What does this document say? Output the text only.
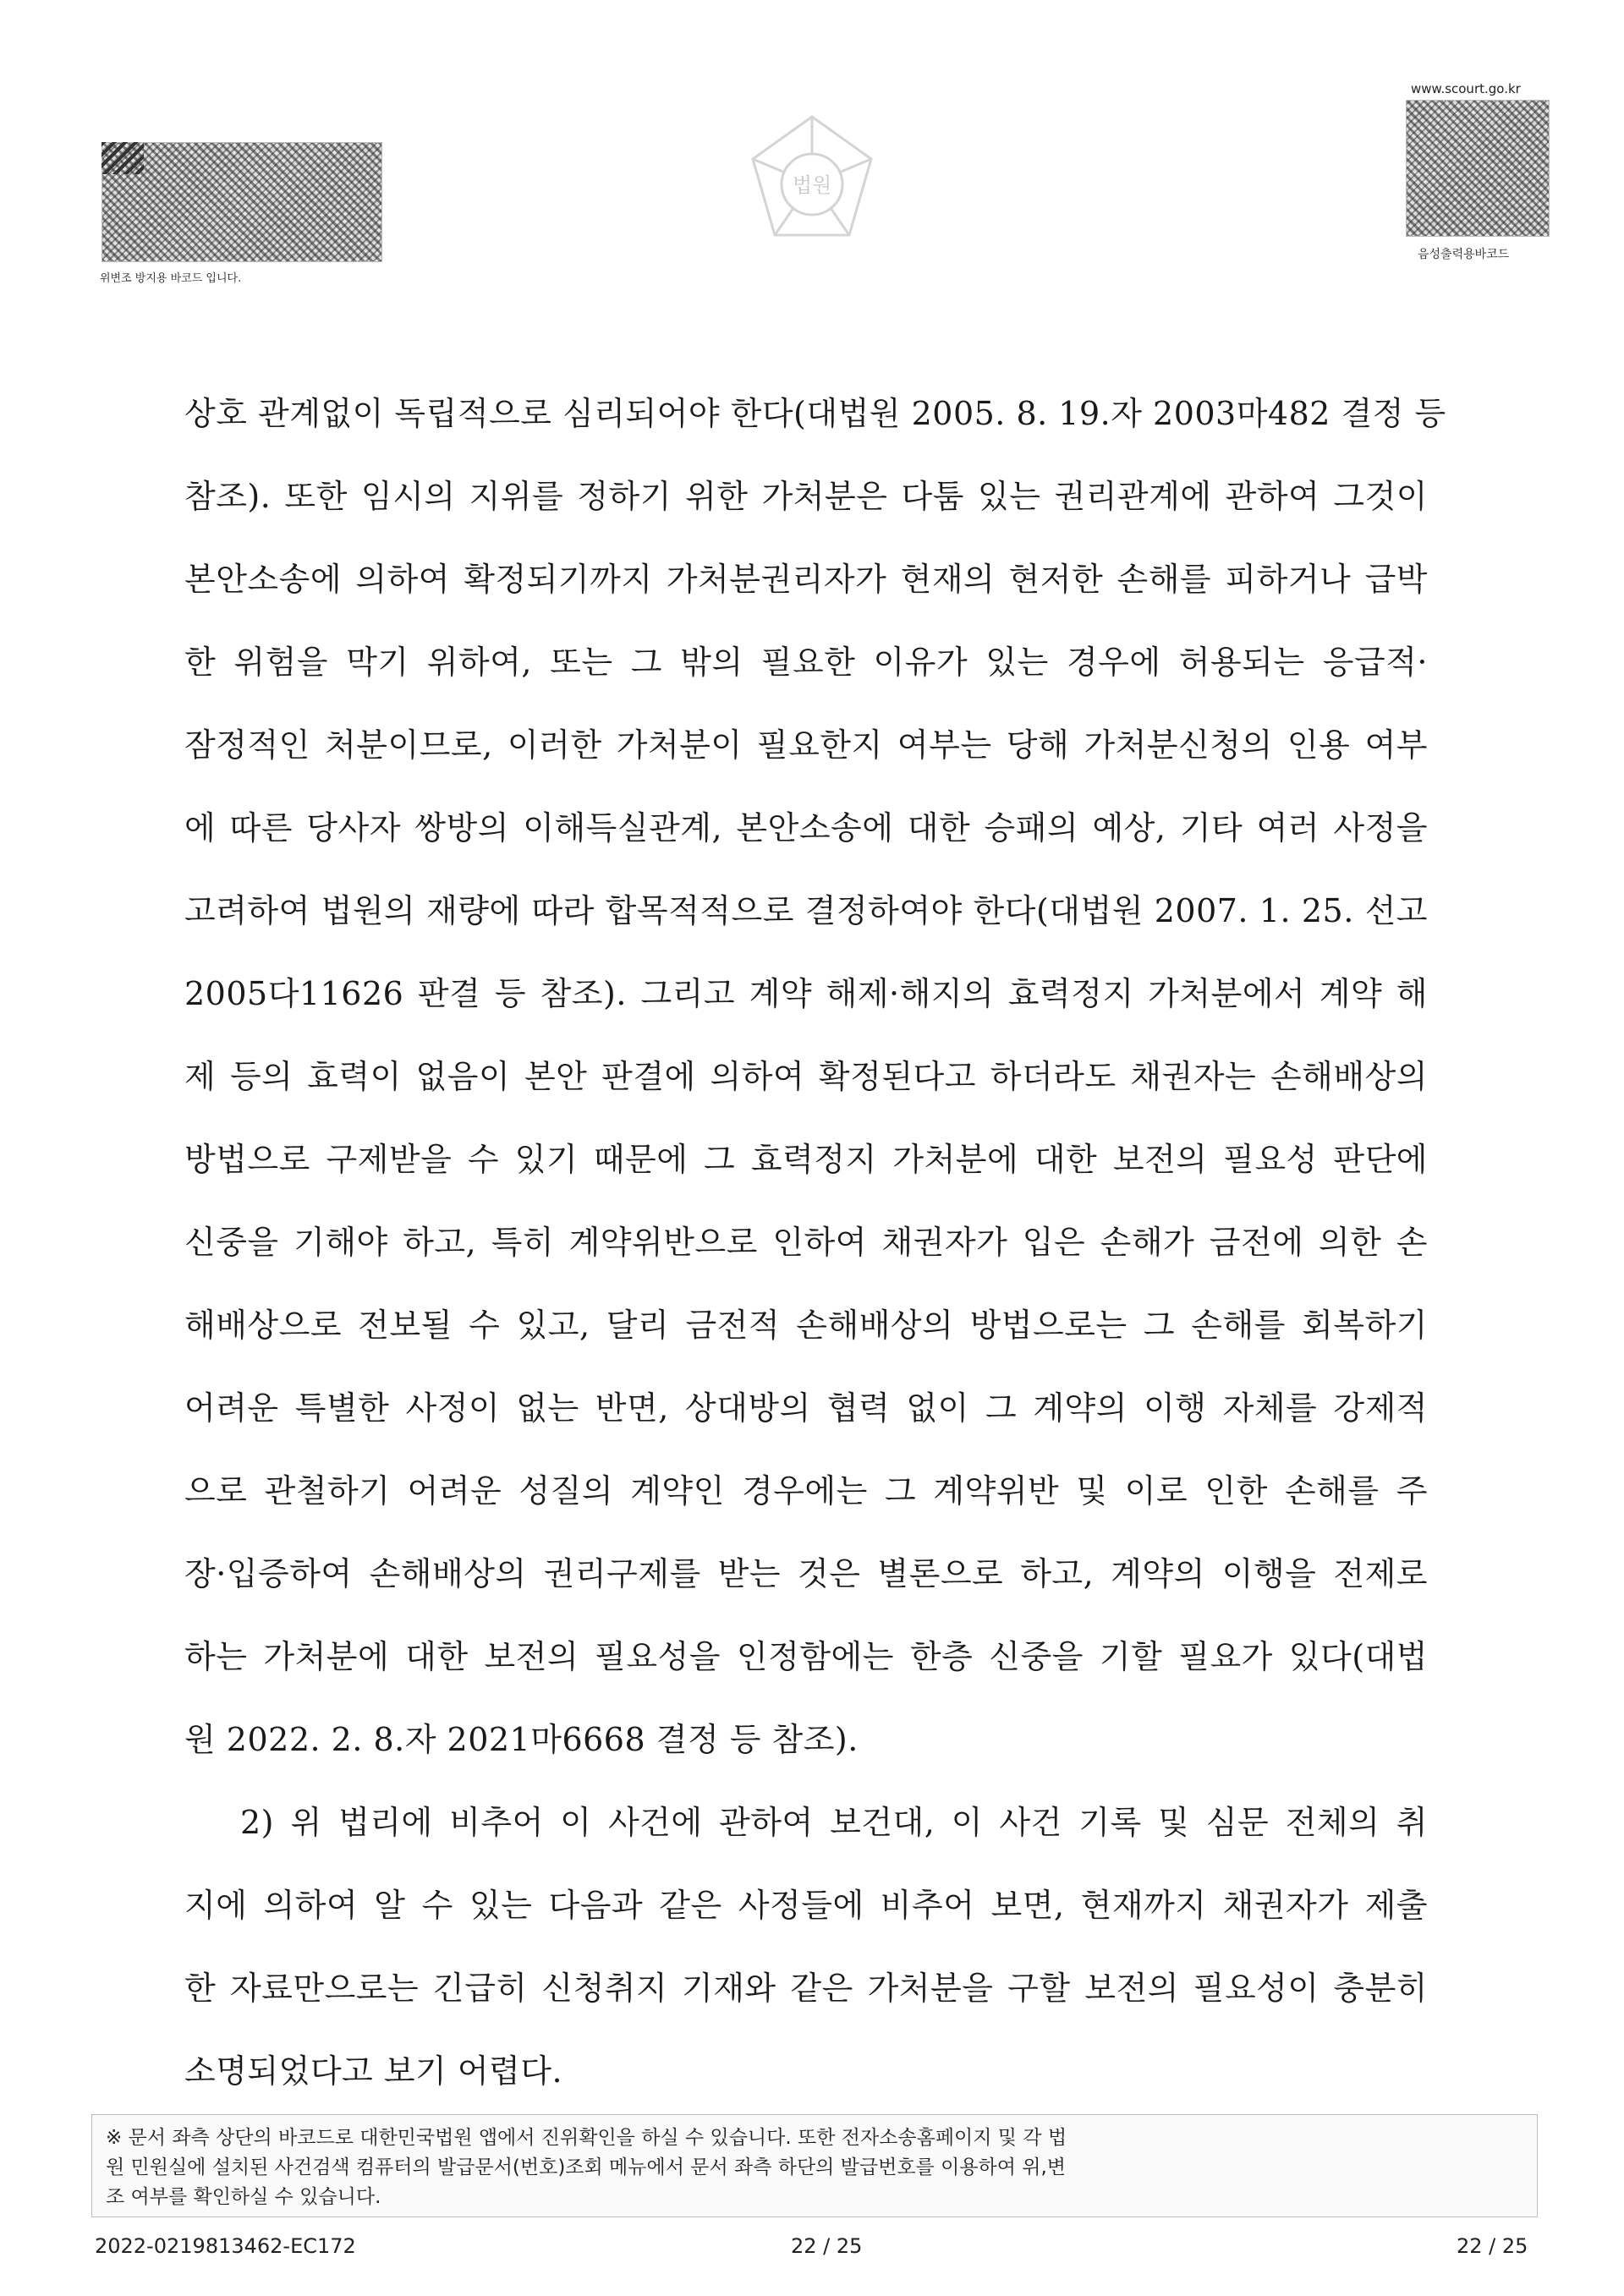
위변조 방지용 바코드 입니다.
법원
www.scourt.go.kr
음성출력용바코드
상호 관계없이 독립적으로 심리되어야 한다(대법원 2005. 8. 19.자 2003마482 결정 등
참조). 또한 임시의 지위를 정하기 위한 가처분은 다툼 있는 권리관계에 관하여 그것이
본안소송에 의하여 확정되기까지 가처분권리자가 현재의 현저한 손해를 피하거나 급박
한 위험을 막기 위하여, 또는 그 밖의 필요한 이유가 있는 경우에 허용되는 응급적·
잠정적인 처분이므로, 이러한 가처분이 필요한지 여부는 당해 가처분신청의 인용 여부
에 따른 당사자 쌍방의 이해득실관계, 본안소송에 대한 승패의 예상, 기타 여러 사정을
고려하여 법원의 재량에 따라 합목적적으로 결정하여야 한다(대법원 2007. 1. 25. 선고
2005다11626 판결 등 참조). 그리고 계약 해제·해지의 효력정지 가처분에서 계약 해
제 등의 효력이 없음이 본안 판결에 의하여 확정된다고 하더라도 채권자는 손해배상의
방법으로 구제받을 수 있기 때문에 그 효력정지 가처분에 대한 보전의 필요성 판단에
신중을 기해야 하고, 특히 계약위반으로 인하여 채권자가 입은 손해가 금전에 의한 손
해배상으로 전보될 수 있고, 달리 금전적 손해배상의 방법으로는 그 손해를 회복하기
어려운 특별한 사정이 없는 반면, 상대방의 협력 없이 그 계약의 이행 자체를 강제적
으로 관철하기 어려운 성질의 계약인 경우에는 그 계약위반 및 이로 인한 손해를 주
장·입증하여 손해배상의 권리구제를 받는 것은 별론으로 하고, 계약의 이행을 전제로
하는 가처분에 대한 보전의 필요성을 인정함에는 한층 신중을 기할 필요가 있다(대법
원 2022. 2. 8.자 2021마6668 결정 등 참조).
2) 위 법리에 비추어 이 사건에 관하여 보건대, 이 사건 기록 및 심문 전체의 취
지에 의하여 알 수 있는 다음과 같은 사정들에 비추어 보면, 현재까지 채권자가 제출
한 자료만으로는 긴급히 신청취지 기재와 같은 가처분을 구할 보전의 필요성이 충분히
소명되었다고 보기 어렵다.
※ 문서 좌측 상단의 바코드로 대한민국법원 앱에서 진위확인을 하실 수 있습니다. 또한 전자소송홈페이지 및 각 법
원 민원실에 설치된 사건검색 컴퓨터의 발급문서(번호)조회 메뉴에서 문서 좌측 하단의 발급번호를 이용하여 위,변
조 여부를 확인하실 수 있습니다.
2022-0219813462-EC172	22 / 25	22 / 25
